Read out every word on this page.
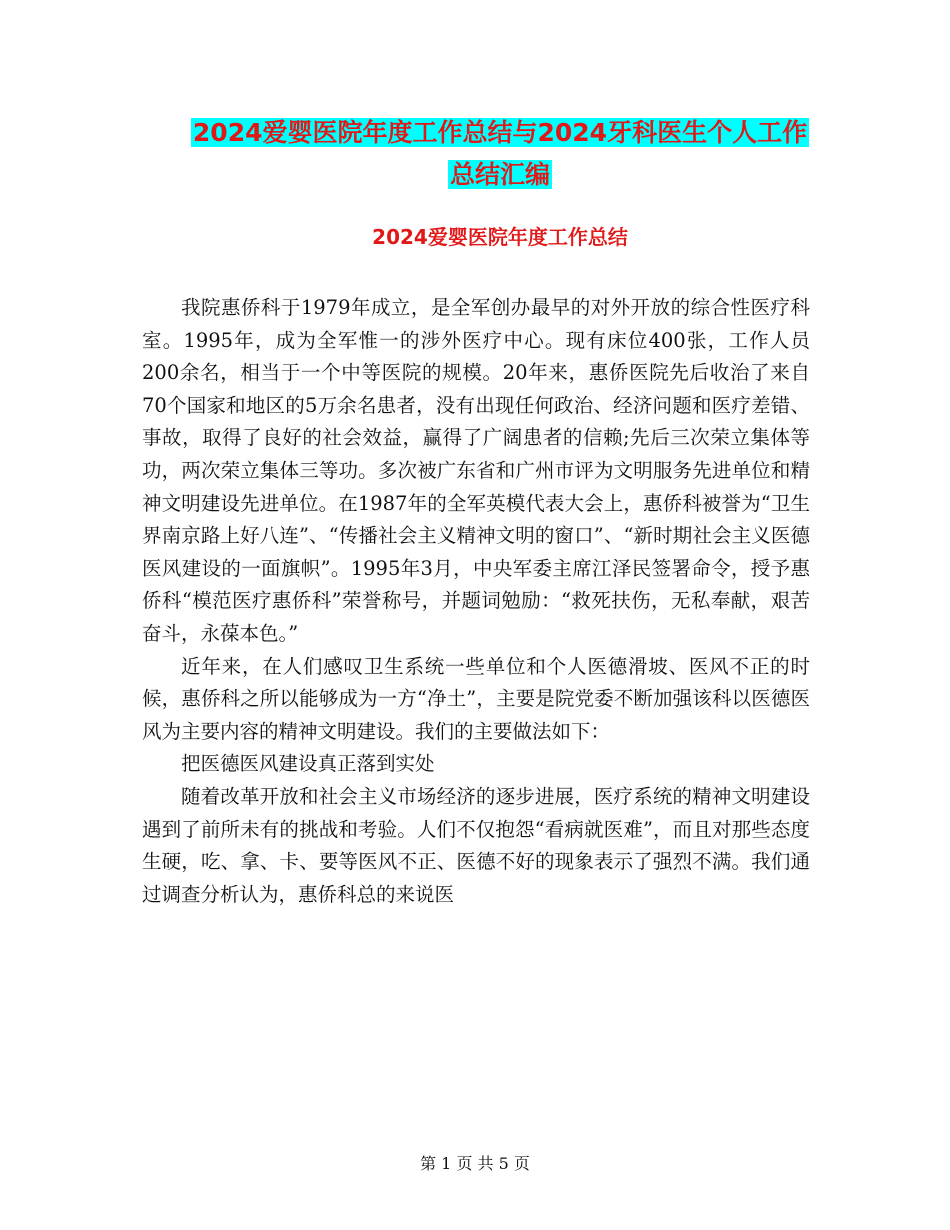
2024爱婴医院年度工作总结与2024牙科医生个人工作
总结汇编
2024爱婴医院年度工作总结

我院惠侨科于1979年成立，是全军创办最早的对外开放的综合性医疗科室。1995年，成为全军惟一的涉外医疗中心。现有床位400张，工作人员200余名，相当于一个中等医院的规模。20年来，惠侨医院先后收治了来自70个国家和地区的5万余名患者，没有出现任何政治、经济问题和医疗差错、事故，取得了良好的社会效益，赢得了广阔患者的信赖;先后三次荣立集体等功，两次荣立集体三等功。多次被广东省和广州市评为文明服务先进单位和精神文明建设先进单位。在1987年的全军英模代表大会上，惠侨科被誉为“卫生界南京路上好八连”、“传播社会主义精神文明的窗口”、“新时期社会主义医德医风建设的一面旗帜”。1995年3月，中央军委主席江泽民签署命令，授予惠侨科“模范医疗惠侨科”荣誉称号，并题词勉励：“救死扶伤，无私奉献，艰苦奋斗，永葆本色。”

近年来，在人们感叹卫生系统一些单位和个人医德滑坡、医风不正的时候，惠侨科之所以能够成为一方“净土”，主要是院党委不断加强该科以医德医风为主要内容的精神文明建设。我们的主要做法如下：

把医德医风建设真正落到实处

随着改革开放和社会主义市场经济的逐步进展，医疗系统的精神文明建设遇到了前所未有的挑战和考验。人们不仅抱怨“看病就医难”，而且对那些态度生硬，吃、拿、卡、要等医风不正、医德不好的现象表示了强烈不满。我们通过调查分析认为，惠侨科总的来说医

第 1 页 共 5 页
